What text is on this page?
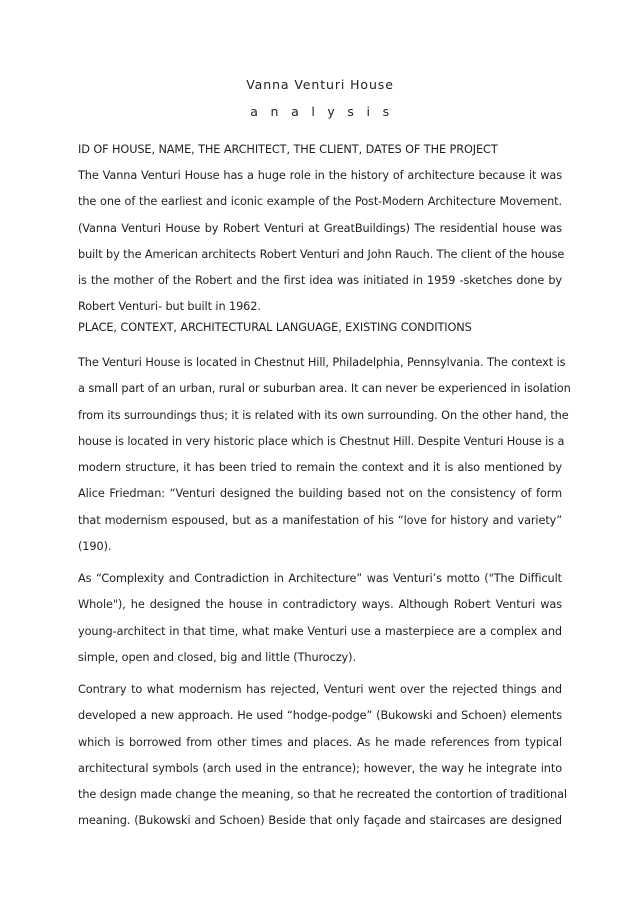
Vanna Venturi House
analysis
ID OF HOUSE, NAME, THE ARCHITECT, THE CLIENT, DATES OF THE PROJECT

The Vanna Venturi House has a huge role in the history of architecture because it was
the one of the earliest and iconic example of the Post-Modern Architecture Movement.
(Vanna Venturi House by Robert Venturi at GreatBuildings) The residential house was
built by the American architects Robert Venturi and John Rauch. The client of the house
is the mother of the Robert and the first idea was initiated in 1959 -sketches done by
Robert Venturi- but built in 1962.

PLACE, CONTEXT, ARCHITECTURAL LANGUAGE, EXISTING CONDITIONS

The Venturi House is located in Chestnut Hill, Philadelphia, Pennsylvania. The context is
a small part of an urban, rural or suburban area. It can never be experienced in isolation
from its surroundings thus; it is related with its own surrounding. On the other hand, the
house is located in very historic place which is Chestnut Hill. Despite Venturi House is a
modern structure, it has been tried to remain the context and it is also mentioned by
Alice Friedman: “Venturi designed the building based not on the consistency of form
that modernism espoused, but as a manifestation of his “love for history and variety”
(190).

As “Complexity and Contradiction in Architecture” was Venturi’s motto ("The Difficult
Whole"), he designed the house in contradictory ways. Although Robert Venturi was
young-architect in that time, what make Venturi use a masterpiece are a complex and
simple, open and closed, big and little (Thuroczy).

Contrary to what modernism has rejected, Venturi went over the rejected things and
developed a new approach. He used “hodge-podge” (Bukowski and Schoen) elements
which is borrowed from other times and places. As he made references from typical
architectural symbols (arch used in the entrance); however, the way he integrate into
the design made change the meaning, so that he recreated the contortion of traditional
meaning. (Bukowski and Schoen) Beside that only façade and staircases are designed
